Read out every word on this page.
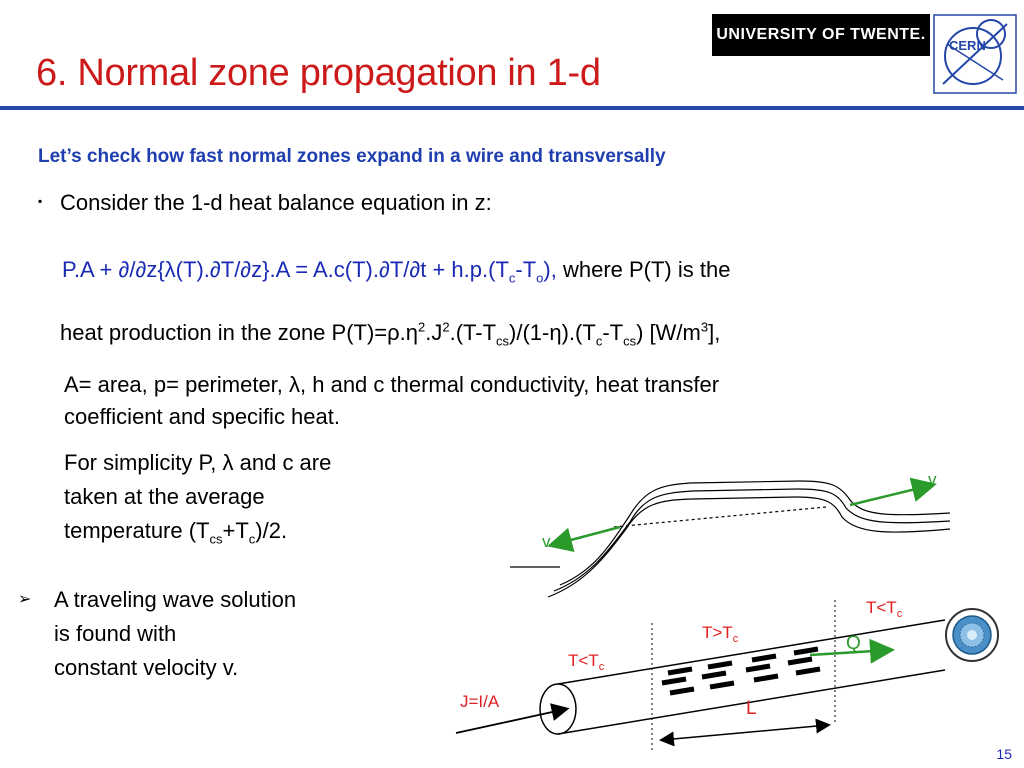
6. Normal zone propagation in 1-d
UNIVERSITY OF TWENTE.
CERN
Let’s check how fast normal zones expand in a wire and transversally
▪ Consider the 1-d heat balance equation in z:
$P.A + \partial/\partial z\{\lambda(T).\partial T/\partial z\}.A = A.c(T).\partial T/\partial t + h.p.(T_c-T_o)$, where P(T) is the
heat production in the zone $P(T)=\rho.\eta^2.J^2.(T-T_{cs})/(1-\eta).(T_c-T_{cs})$ $[W/m^3]$,
A= area, p= perimeter, λ, h and c thermal conductivity, heat transfer
coefficient and specific heat.
For simplicity P, λ and c are
taken at the average
temperature $(T_{cs}+T_c)/2$.
➢ A traveling wave solution
is found with
constant velocity v.
v
v
$T<T_c$
$T>T_c$
$T<T_c$
Q
J=I/A	L
15
